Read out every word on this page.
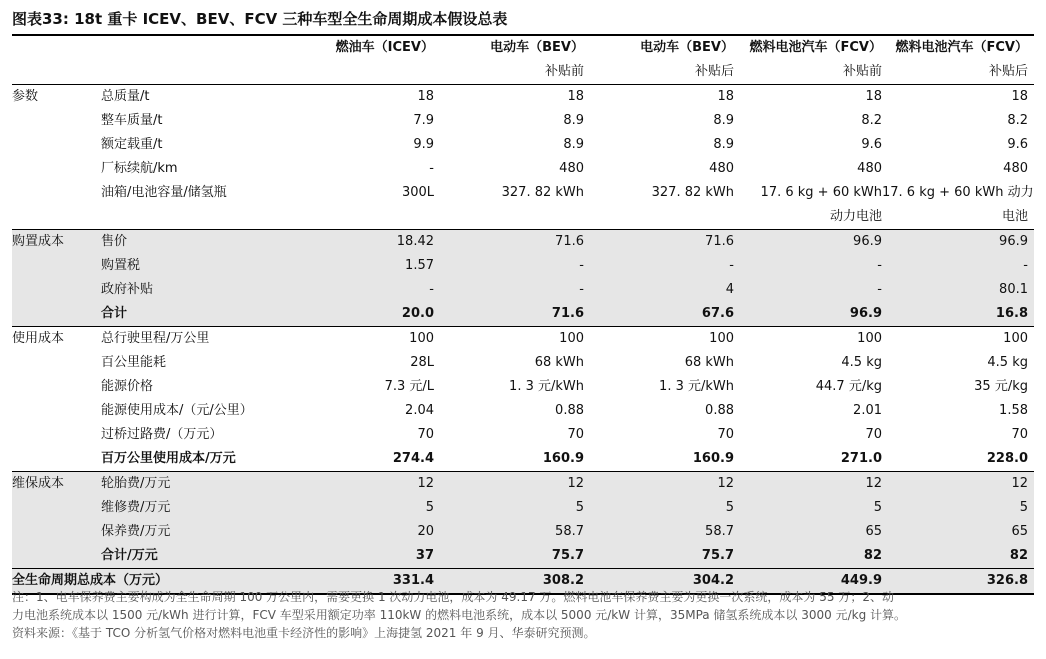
图表33: 18t 重卡 ICEV、BEV、FCV 三种车型全生命周期成本假设总表
		燃油车（ICEV）	电动车（BEV）	电动车（BEV）	燃料电池汽车（FCV）	燃料电池汽车（FCV）
			补贴前	补贴后	补贴前	补贴后
参数	总质量/t	18	18	18	18	18
	整车质量/t	7.9	8.9	8.9	8.2	8.2
	额定载重/t	9.9	8.9	8.9	9.6	9.6
	厂标续航/km	-	480	480	480	480
	油箱/电池容量/储氢瓶	300L	327. 82 kWh	327. 82 kWh	17. 6 kg + 60 kWh	17. 6 kg + 60 kWh 动力
					动力电池	电池
购置成本	售价	18.42	71.6	71.6	96.9	96.9
	购置税	1.57	-	-	-	-
	政府补贴	-	-	4	-	80.1
	合计	20.0	71.6	67.6	96.9	16.8
使用成本	总行驶里程/万公里	100	100	100	100	100
	百公里能耗	28L	68 kWh	68 kWh	4.5 kg	4.5 kg
	能源价格	7.3 元/L	1. 3 元/kWh	1. 3 元/kWh	44.7 元/kg	35 元/kg
	能源使用成本/（元/公里）	2.04	0.88	0.88	2.01	1.58
	过桥过路费/（万元）	70	70	70	70	70
	百万公里使用成本/万元	274.4	160.9	160.9	271.0	228.0
维保成本	轮胎费/万元	12	12	12	12	12
	维修费/万元	5	5	5	5	5
	保养费/万元	20	58.7	58.7	65	65
	合计/万元	37	75.7	75.7	82	82
全生命周期总成本（万元）		331.4	308.2	304.2	449.9	326.8

注：1、电车保养费主要构成为全生命周期 100 万公里内，需要更换 1 次动力电池，成本为 49.17 万。燃料电池车保养费主要为更换一次系统，成本为 55 万；2、动

力电池系统成本以 1500 元/kWh 进行计算，FCV 车型采用额定功率 110kW 的燃料电池系统，成本以 5000 元/kW 计算，35MPa 储氢系统成本以 3000 元/kg 计算。

资料来源：《基于 TCO 分析氢气价格对燃料电池重卡经济性的影响》上海捷氢 2021 年 9 月、华泰研究预测。
